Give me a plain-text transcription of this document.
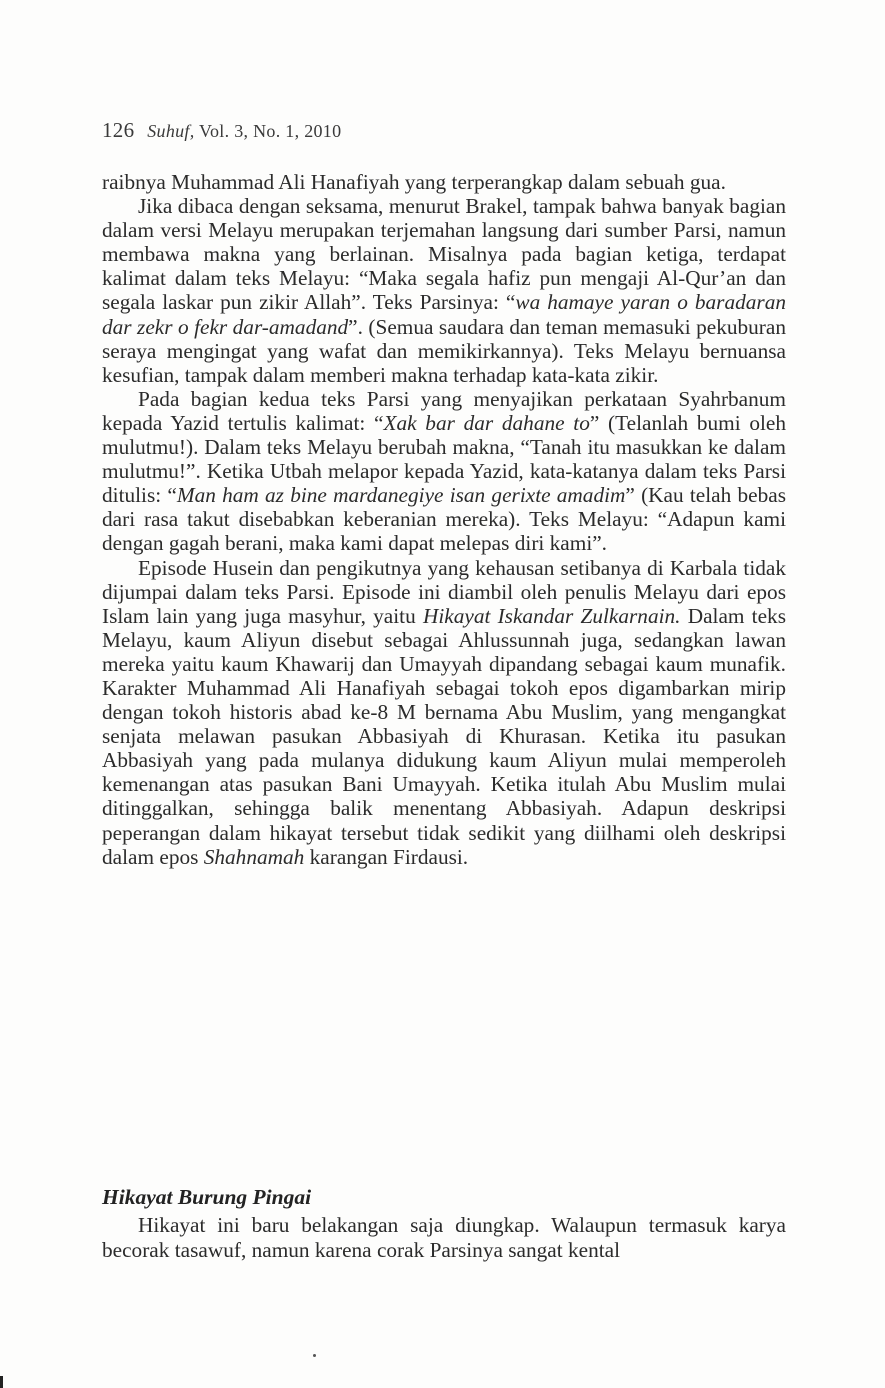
126 Suhuf, Vol. 3, No. 1, 2010

raibnya Muhammad Ali Hanafiyah yang terperangkap dalam sebuah gua.

Jika dibaca dengan seksama, menurut Brakel, tampak bahwa banyak bagian dalam versi Melayu merupakan terjemahan langsung dari sumber Parsi, namun membawa makna yang berlainan. Misalnya pada bagian ketiga, terdapat kalimat dalam teks Melayu: “Maka segala hafiz pun mengaji Al-Qur’an dan segala laskar pun zikir Allah”. Teks Parsinya: “wa hamaye yaran o baradaran dar zekr o fekr dar-amadand”. (Semua saudara dan teman memasuki pekuburan seraya mengingat yang wafat dan memikirkannya). Teks Melayu bernuansa kesufian, tampak dalam memberi makna terhadap kata-kata zikir.

Pada bagian kedua teks Parsi yang menyajikan perkataan Syahrbanum kepada Yazid tertulis kalimat: “Xak bar dar dahane to” (Telanlah bumi oleh mulutmu!). Dalam teks Melayu berubah makna, “Tanah itu masukkan ke dalam mulutmu!”. Ketika Utbah melapor kepada Yazid, kata-katanya dalam teks Parsi ditulis: “Man ham az bine mardanegiye isan gerixte amadim” (Kau telah bebas dari rasa takut disebabkan keberanian mereka). Teks Melayu: “Adapun kami dengan gagah berani, maka kami dapat melepas diri kami”.

Episode Husein dan pengikutnya yang kehausan setibanya di Karbala tidak dijumpai dalam teks Parsi. Episode ini diambil oleh penulis Melayu dari epos Islam lain yang juga masyhur, yaitu Hikayat Iskandar Zulkarnain. Dalam teks Melayu, kaum Aliyun disebut sebagai Ahlussunnah juga, sedangkan lawan mereka yaitu kaum Khawarij dan Umayyah dipandang sebagai kaum munafik. Karakter Muhammad Ali Hanafiyah sebagai tokoh epos digambarkan mirip dengan tokoh historis abad ke-8 M bernama Abu Muslim, yang mengangkat senjata melawan pasukan Abbasiyah di Khurasan. Ketika itu pasukan Abbasiyah yang pada mulanya didukung kaum Aliyun mulai memperoleh kemenangan atas pasukan Bani Umayyah. Ketika itulah Abu Muslim mulai ditinggalkan, sehingga balik menentang Abbasiyah. Adapun deskripsi peperangan dalam hikayat tersebut tidak sedikit yang diilhami oleh deskripsi dalam epos Shahnamah karangan Firdausi.

Hikayat Burung Pingai

Hikayat ini baru belakangan saja diungkap. Walaupun termasuk karya becorak tasawuf, namun karena corak Parsinya sangat kental
